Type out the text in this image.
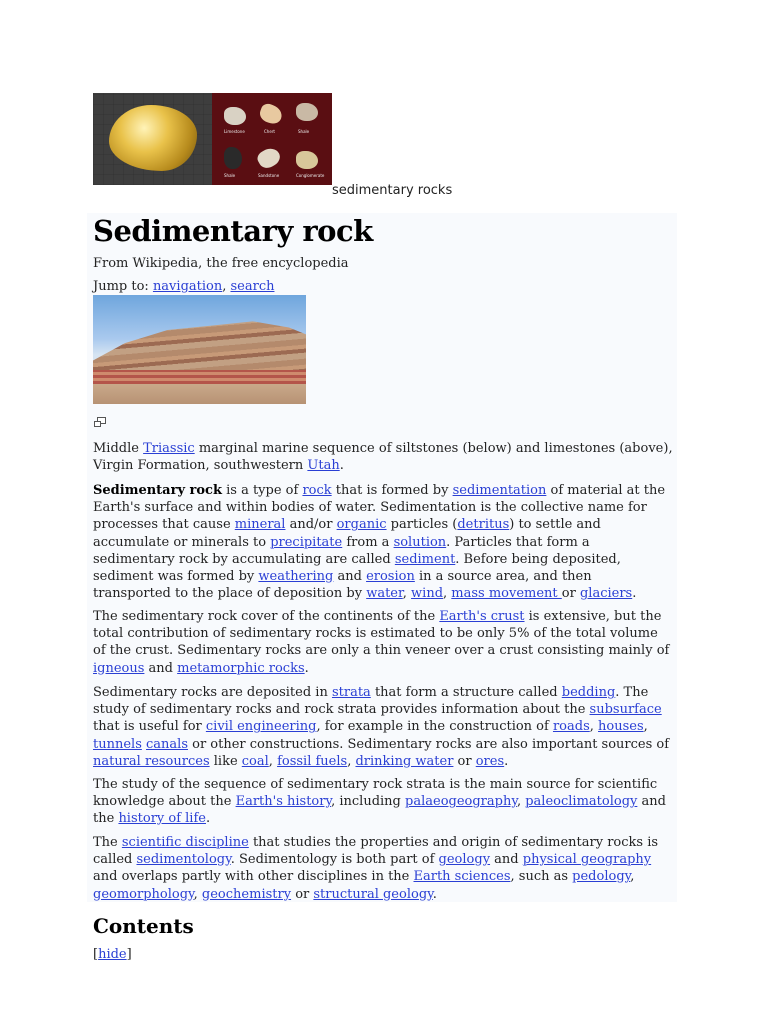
Limestone	Chert	Shale
Shale	Sandstone	Conglomerate
sedimentary rocks
Sedimentary rock
From Wikipedia, the free encyclopedia
Jump to: navigation, search

Middle Triassic marginal marine sequence of siltstones (below) and limestones (above), Virgin Formation, southwestern Utah.

Sedimentary rock is a type of rock that is formed by sedimentation of material at the Earth's surface and within bodies of water. Sedimentation is the collective name for processes that cause mineral and/or organic particles (detritus) to settle and accumulate or minerals to precipitate from a solution. Particles that form a sedimentary rock by accumulating are called sediment. Before being deposited, sediment was formed by weathering and erosion in a source area, and then transported to the place of deposition by water, wind, mass movement or glaciers.

The sedimentary rock cover of the continents of the Earth's crust is extensive, but the total contribution of sedimentary rocks is estimated to be only 5% of the total volume of the crust. Sedimentary rocks are only a thin veneer over a crust consisting mainly of igneous and metamorphic rocks.

Sedimentary rocks are deposited in strata that form a structure called bedding. The study of sedimentary rocks and rock strata provides information about the subsurface that is useful for civil engineering, for example in the construction of roads, houses, tunnels canals or other constructions. Sedimentary rocks are also important sources of natural resources like coal, fossil fuels, drinking water or ores.

The study of the sequence of sedimentary rock strata is the main source for scientific knowledge about the Earth's history, including palaeogeography, paleoclimatology and the history of life.

The scientific discipline that studies the properties and origin of sedimentary rocks is called sedimentology. Sedimentology is both part of geology and physical geography and overlaps partly with other disciplines in the Earth sciences, such as pedology, geomorphology, geochemistry or structural geology.

Contents
[hide]
